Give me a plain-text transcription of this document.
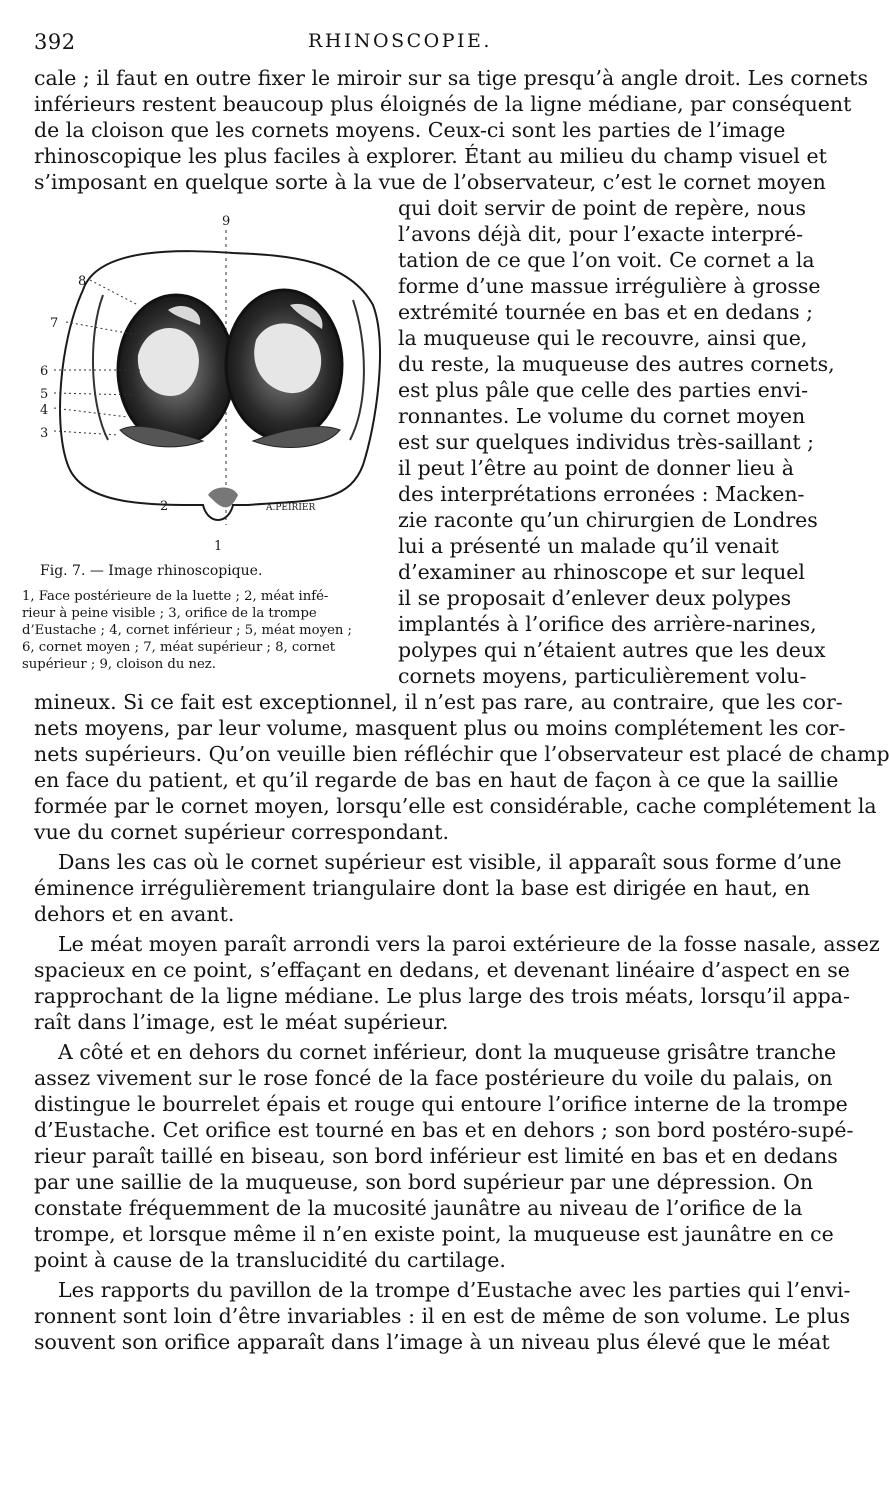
392	RHINOSCOPIE.
cale ; il faut en outre fixer le miroir sur sa tige presqu’à angle droit. Les cornets
inférieurs restent beaucoup plus éloignés de la ligne médiane, par conséquent
de la cloison que les cornets moyens. Ceux-ci sont les parties de l’image
rhinoscopique les plus faciles à explorer. Étant au milieu du champ visuel et
s’imposant en quelque sorte à la vue de l’observateur, c’est le cornet moyen
qui doit servir de point de repère, nous
l’avons déjà dit, pour l’exacte interpré-
tation de ce que l’on voit. Ce cornet a la
forme d’une massue irrégulière à grosse
extrémité tournée en bas et en dedans ;
la muqueuse qui le recouvre, ainsi que,
du reste, la muqueuse des autres cornets,
est plus pâle que celle des parties envi-
ronnantes. Le volume du cornet moyen
est sur quelques individus très-saillant ;
il peut l’être au point de donner lieu à
des interprétations erronées : Macken-
zie raconte qu’un chirurgien de Londres
lui a présenté un malade qu’il venait
d’examiner au rhinoscope et sur lequel
il se proposait d’enlever deux polypes
implantés à l’orifice des arrière-narines,
polypes qui n’étaient autres que les deux
cornets moyens, particulièrement volu-
9
8
7
6
5
4
3
2
1
A.PEIRIER
Fig. 7. — Image rhinoscopique.
1, Face postérieure de la luette ; 2, méat infé-
rieur à peine visible ; 3, orifice de la trompe
d’Eustache ; 4, cornet inférieur ; 5, méat moyen ;
6, cornet moyen ; 7, méat supérieur ; 8, cornet
supérieur ; 9, cloison du nez.
mineux. Si ce fait est exceptionnel, il n’est pas rare, au contraire, que les cor-
nets moyens, par leur volume, masquent plus ou moins complétement les cor-
nets supérieurs. Qu’on veuille bien réfléchir que l’observateur est placé de champ
en face du patient, et qu’il regarde de bas en haut de façon à ce que la saillie
formée par le cornet moyen, lorsqu’elle est considérable, cache complétement la
vue du cornet supérieur correspondant.
Dans les cas où le cornet supérieur est visible, il apparaît sous forme d’une
éminence irrégulièrement triangulaire dont la base est dirigée en haut, en
dehors et en avant.
Le méat moyen paraît arrondi vers la paroi extérieure de la fosse nasale, assez
spacieux en ce point, s’effaçant en dedans, et devenant linéaire d’aspect en se
rapprochant de la ligne médiane. Le plus large des trois méats, lorsqu’il appa-
raît dans l’image, est le méat supérieur.
A côté et en dehors du cornet inférieur, dont la muqueuse grisâtre tranche
assez vivement sur le rose foncé de la face postérieure du voile du palais, on
distingue le bourrelet épais et rouge qui entoure l’orifice interne de la trompe
d’Eustache. Cet orifice est tourné en bas et en dehors ; son bord postéro-supé-
rieur paraît taillé en biseau, son bord inférieur est limité en bas et en dedans
par une saillie de la muqueuse, son bord supérieur par une dépression. On
constate fréquemment de la mucosité jaunâtre au niveau de l’orifice de la
trompe, et lorsque même il n’en existe point, la muqueuse est jaunâtre en ce
point à cause de la translucidité du cartilage.
Les rapports du pavillon de la trompe d’Eustache avec les parties qui l’envi-
ronnent sont loin d’être invariables : il en est de même de son volume. Le plus
souvent son orifice apparaît dans l’image à un niveau plus élevé que le méat
